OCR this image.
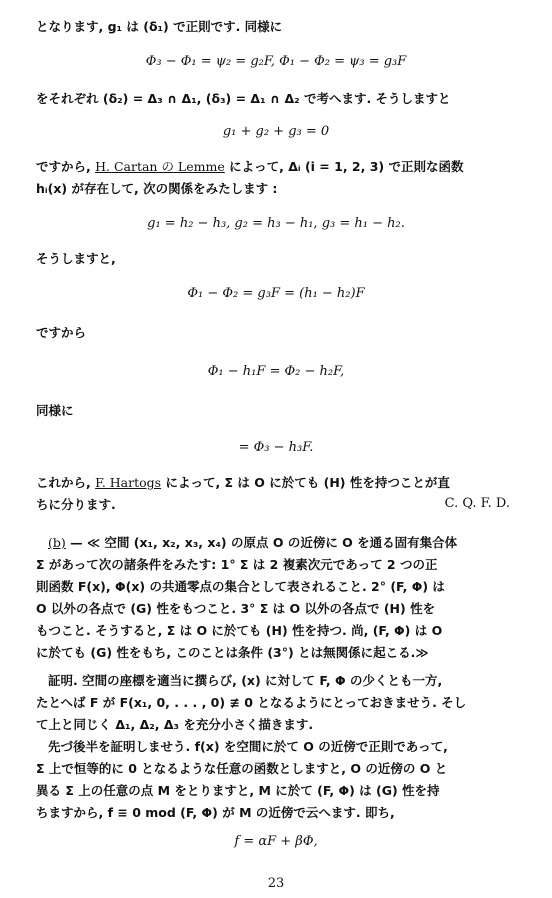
となります, g₁ は (δ₁) で正則です. 同様に
Φ₃ − Φ₁ = ψ₂ = g₂F, Φ₁ − Φ₂ = ψ₃ = g₃F
をそれぞれ (δ₂) = Δ₃ ∩ Δ₁, (δ₃) = Δ₁ ∩ Δ₂ で考へます. そうしますと
g₁ + g₂ + g₃ = 0
ですから, H. Cartan の Lemme によって, Δᵢ (i = 1, 2, 3) で正則な函数
hᵢ(x) が存在して, 次の関係をみたします :
g₁ = h₂ − h₃, g₂ = h₃ − h₁, g₃ = h₁ − h₂.
そうしますと,
Φ₁ − Φ₂ = g₃F = (h₁ − h₂)F
ですから
Φ₁ − h₁F = Φ₂ − h₂F,
同様に
= Φ₃ − h₃F.
これから, F. Hartogs によって, Σ は O に於ても (H) 性を持つことが直
ちに分ります.	C. Q. F. D.
(b) — ≪ 空間 (x₁, x₂, x₃, x₄) の原点 O の近傍に O を通る固有集合体
Σ があって次の諸条件をみたす: 1° Σ は 2 複素次元であって 2 つの正
則函数 F(x), Φ(x) の共通零点の集合として表されること. 2° (F, Φ) は
O 以外の各点で (G) 性をもつこと. 3° Σ は O 以外の各点で (H) 性を
もつこと. そうすると, Σ は O に於ても (H) 性を持つ. 尚, (F, Φ) は O
に於ても (G) 性をもち, このことは条件 (3°) とは無関係に起こる.≫
証明. 空間の座標を適当に撰らび, (x) に対して F, Φ の少くとも一方,
たとへば F が F(x₁, 0, . . . , 0) ≢ 0 となるようにとっておきませう. そし
て上と同じく Δ₁, Δ₂, Δ₃ を充分小さく描きます.
先づ後半を証明しませう. f(x) を空間に於て O の近傍で正則であって,
Σ 上で恒等的に 0 となるような任意の函数としますと, O の近傍の O と
異る Σ 上の任意の点 M をとりますと, M に於て (F, Φ) は (G) 性を持
ちますから, f ≡ 0 mod (F, Φ) が M の近傍で云へます. 即ち,
f = αF + βΦ,
23
